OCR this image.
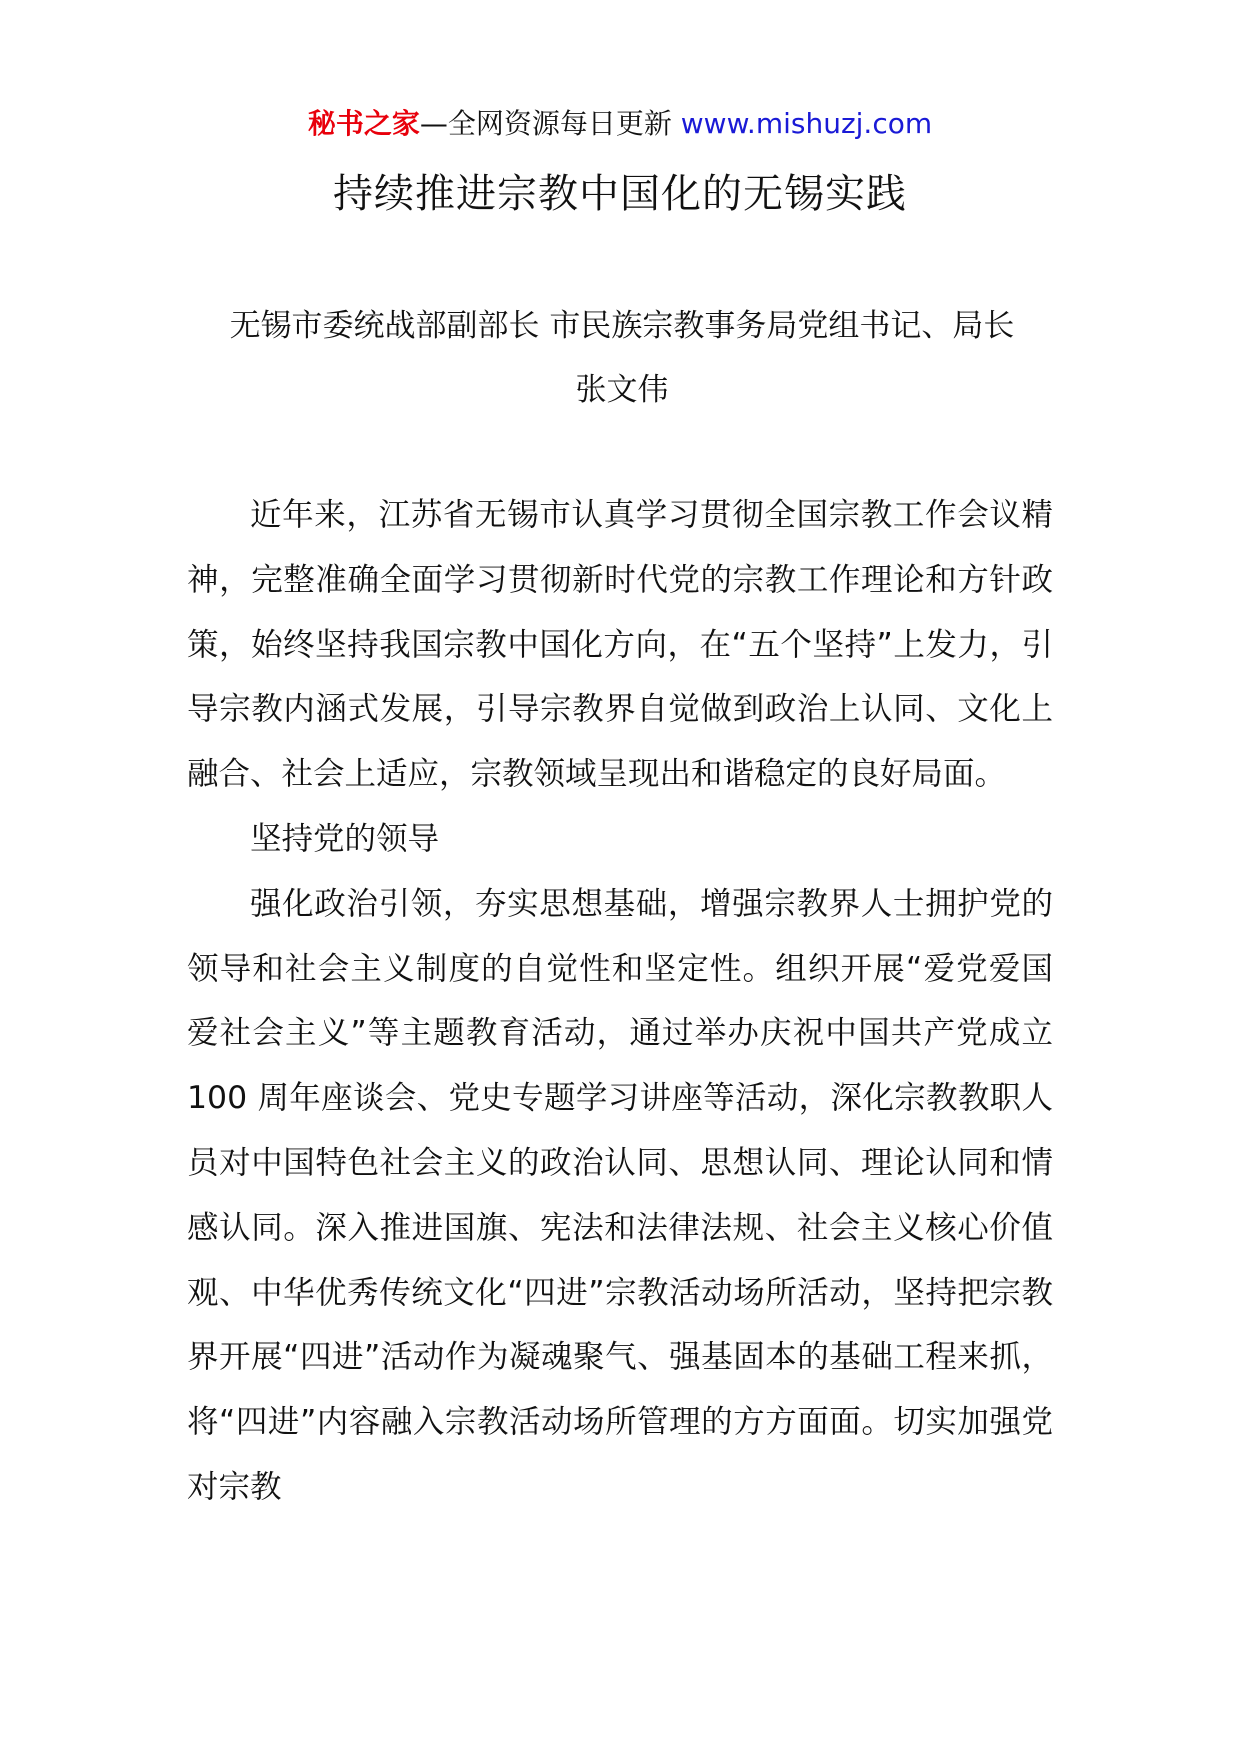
秘书之家—全网资源每日更新 www.mishuzj.com
持续推进宗教中国化的无锡实践
无锡市委统战部副部长 市民族宗教事务局党组书记、局长
张文伟

近年来，江苏省无锡市认真学习贯彻全国宗教工作会议精神，完整准确全面学习贯彻新时代党的宗教工作理论和方针政策，始终坚持我国宗教中国化方向，在“五个坚持”上发力，引导宗教内涵式发展，引导宗教界自觉做到政治上认同、文化上融合、社会上适应，宗教领域呈现出和谐稳定的良好局面。

坚持党的领导

强化政治引领，夯实思想基础，增强宗教界人士拥护党的领导和社会主义制度的自觉性和坚定性。组织开展“爱党爱国爱社会主义”等主题教育活动，通过举办庆祝中国共产党成立 100 周年座谈会、党史专题学习讲座等活动，深化宗教教职人员对中国特色社会主义的政治认同、思想认同、理论认同和情感认同。深入推进国旗、宪法和法律法规、社会主义核心价值观、中华优秀传统文化“四进”宗教活动场所活动，坚持把宗教界开展“四进”活动作为凝魂聚气、强基固本的基础工程来抓，将“四进”内容融入宗教活动场所管理的方方面面。切实加强党对宗教
